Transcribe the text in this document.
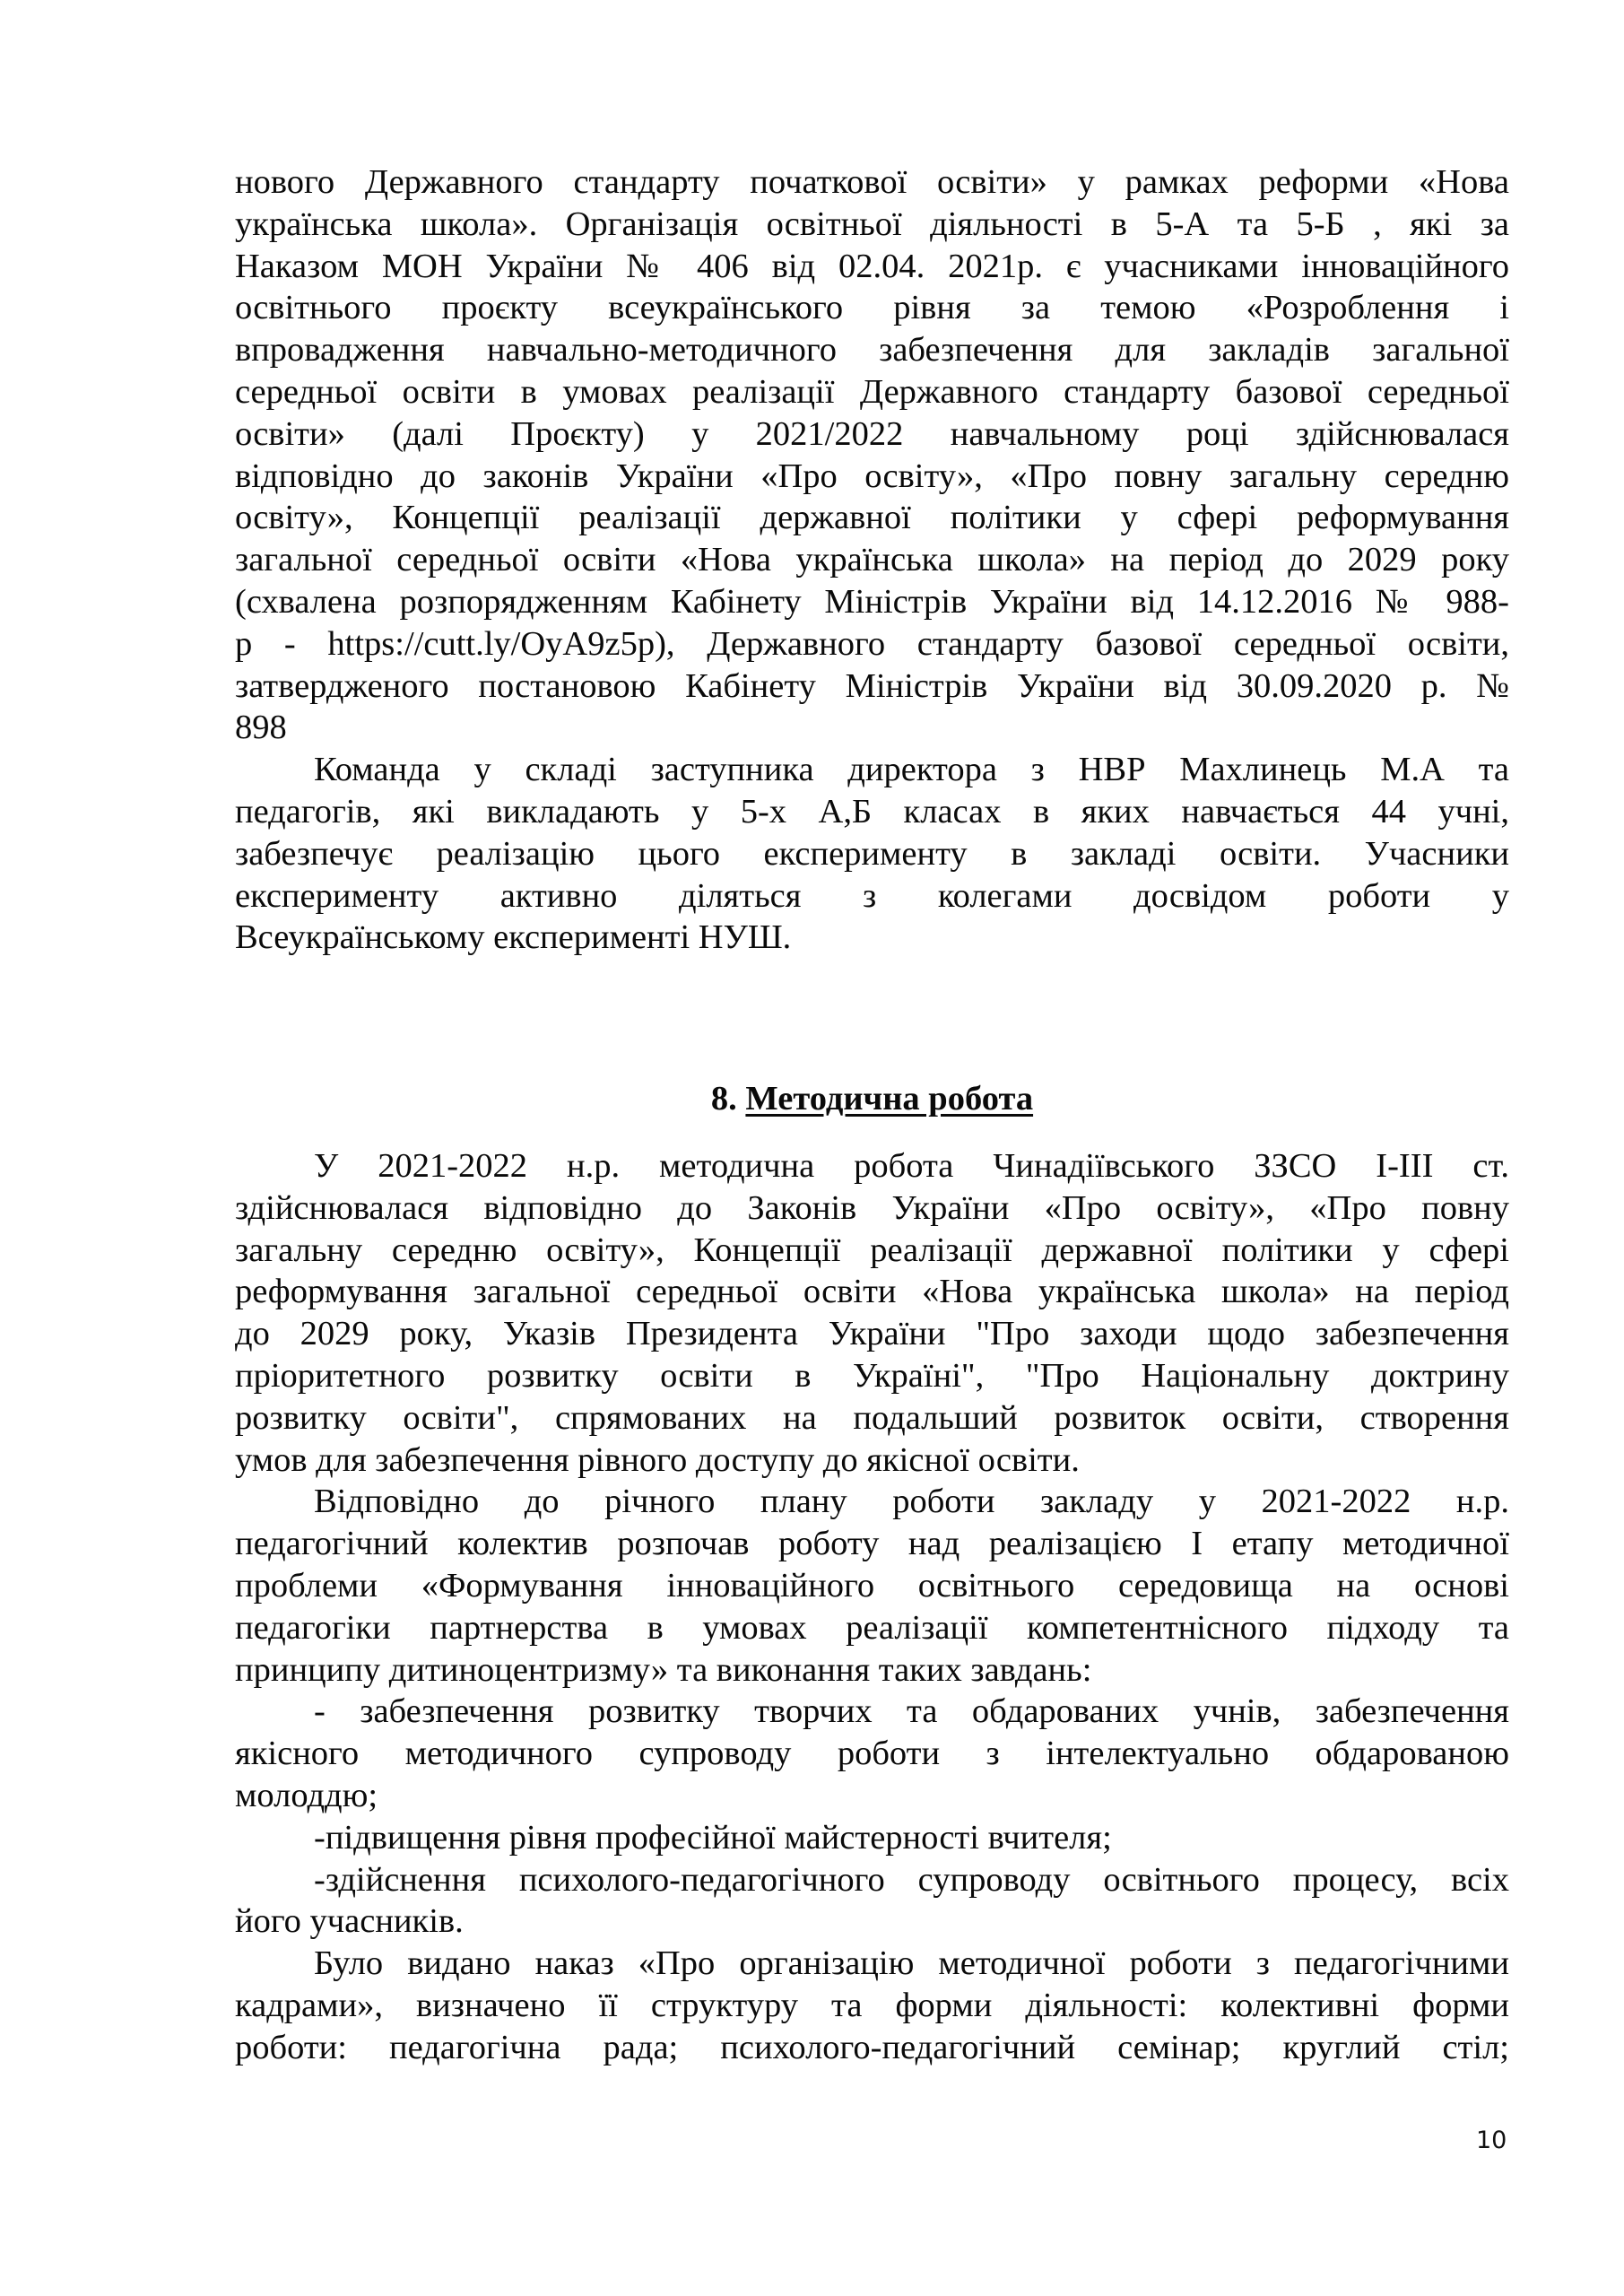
нового Державного стандарту початкової освіти» у рамках реформи «Нова
українська школа». Організація освітньої діяльності в 5-А та 5-Б , які за
Наказом МОН України № 406 від 02.04. 2021р. є учасниками інноваційного
освітнього проєкту всеукраїнського рівня за темою «Розроблення і
впровадження навчально-методичного забезпечення для закладів загальної
середньої освіти в умовах реалізації Державного стандарту базової середньої
освіти» (далі Проєкту) у 2021/2022 навчальному році здійснювалася
відповідно до законів України «Про освіту», «Про повну загальну середню
освіту», Концепції реалізації державної політики у сфері реформування
загальної середньої освіти «Нова українська школа» на період до 2029 року
(схвалена розпорядженням Кабінету Міністрів України від 14.12.2016 № 988-
р - https://cutt.ly/OyA9z5p), Державного стандарту базової середньої освіти,
затвердженого постановою Кабінету Міністрів України від 30.09.2020 р. №
898
Команда у складі заступника директора з НВР Махлинець М.А та
педагогів, які викладають у 5-х А,Б класах в яких навчається 44 учні,
забезпечує реалізацію цього експерименту в закладі освіти. Учасники
експерименту активно діляться з колегами досвідом роботи у
Всеукраїнському експерименті НУШ.
8. Методична робота
У 2021-2022 н.р. методична робота Чинадіївського ЗЗСО І-ІІІ ст.
здійснювалася відповідно до Законів України «Про освіту», «Про повну
загальну середню освіту», Концепції реалізації державної політики у сфері
реформування загальної середньої освіти «Нова українська школа» на період
до 2029 року, Указів Президента України "Про заходи щодо забезпечення
пріоритетного розвитку освіти в Україні", "Про Національну доктрину
розвитку освіти", спрямованих на подальший розвиток освіти, створення
умов для забезпечення рівного доступу до якісної освіти.
Відповідно до річного плану роботи закладу у 2021-2022 н.р.
педагогічний колектив розпочав роботу над реалізацією І етапу методичної
проблеми «Формування інноваційного освітнього середовища на основі
педагогіки партнерства в умовах реалізації компетентнісного підходу та
принципу дитиноцентризму» та виконання таких завдань:
- забезпечення розвитку творчих та обдарованих учнів, забезпечення
якісного методичного супроводу роботи з інтелектуально обдарованою
молоддю;
-підвищення рівня професійної майстерності вчителя;
-здійснення психолого-педагогічного супроводу освітнього процесу, всіх
його учасників.
Було видано наказ «Про організацію методичної роботи з педагогічними
кадрами», визначено її структуру та форми діяльності: колективні форми
роботи: педагогічна рада; психолого-педагогічний семінар; круглий стіл;
10
